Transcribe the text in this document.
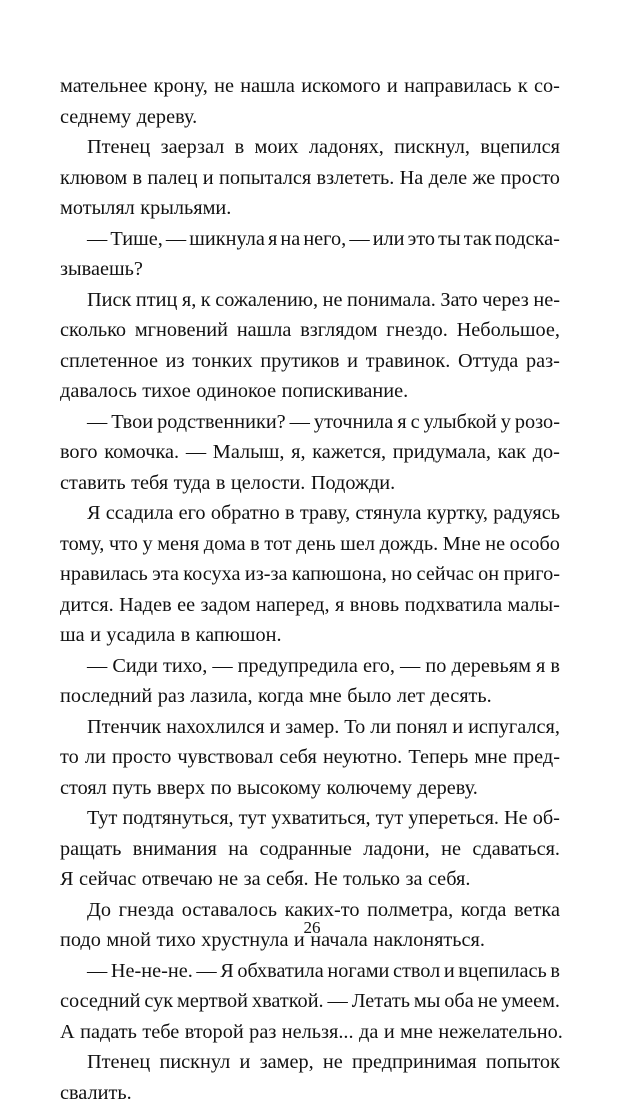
мательнее крону, не нашла искомого и направилась к со-
седнему дереву.
Птенец заерзал в моих ладонях, пискнул, вцепился
клювом в палец и попытался взлететь. На деле же просто
мотылял крыльями.
— Тише, — шикнула я на него, — или это ты так подска-
зываешь?
Писк птиц я, к сожалению, не понимала. Зато через не-
сколько мгновений нашла взглядом гнездо. Небольшое,
сплетенное из тонких прутиков и травинок. Оттуда раз-
давалось тихое одинокое попискивание.
— Твои родственники? — уточнила я с улыбкой у розо-
вого комочка. — Малыш, я, кажется, придумала, как до-
ставить тебя туда в целости. Подожди.
Я ссадила его обратно в траву, стянула куртку, радуясь
тому, что у меня дома в тот день шел дождь. Мне не особо
нравилась эта косуха из-за капюшона, но сейчас он приго-
дится. Надев ее задом наперед, я вновь подхватила малы-
ша и усадила в капюшон.
— Сиди тихо, — предупредила его, — по деревьям я в
последний раз лазила, когда мне было лет десять.
Птенчик нахохлился и замер. То ли понял и испугался,
то ли просто чувствовал себя неуютно. Теперь мне пред-
стоял путь вверх по высокому колючему дереву.
Тут подтянуться, тут ухватиться, тут упереться. Не об-
ращать внимания на содранные ладони, не сдаваться.
Я сейчас отвечаю не за себя. Не только за себя.
До гнезда оставалось каких-то полметра, когда ветка
подо мной тихо хрустнула и начала наклоняться.
— Не-не-не. — Я обхватила ногами ствол и вцепилась в
соседний сук мертвой хваткой. — Летать мы оба не умеем.
А падать тебе второй раз нельзя... да и мне нежелательно.
Птенец пискнул и замер, не предпринимая попыток
свалить.
26
